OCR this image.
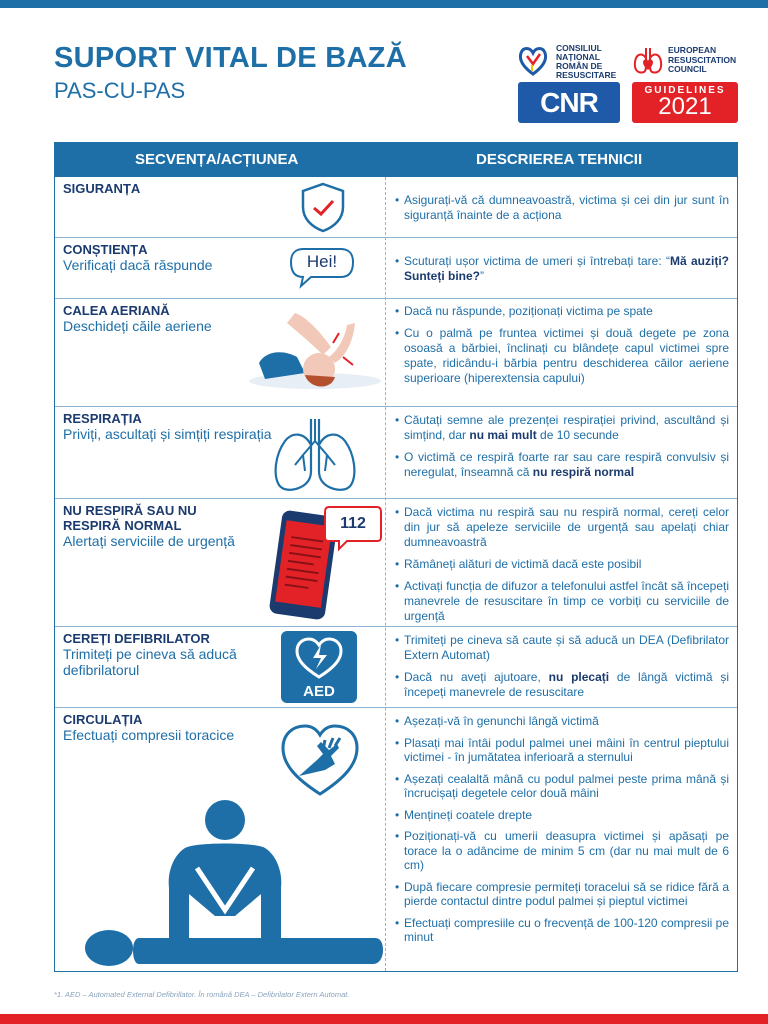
SUPORT VITAL DE BAZĂ
PAS-CU-PAS
CONSILIUL
NAȚIONAL
ROMÂN DE
RESUSCITARE
CNR
EUROPEAN
RESUSCITATION
COUNCIL
GUIDELINES
2021
SECVENȚA/ACȚIUNEA	DESCRIEREA TEHNICII
SIGURANȚA

• Asigurați-vă că dumneavoastră, victima și cei din jur sunt în siguranță înainte de a acționa

CONȘTIENȚA
Verificați dacă răspunde	Hei!

•	Scuturați ușor victima de umeri și întrebați tare: “Mă auziți? Sunteți bine?”

CALEA AERIANĂ
Deschideți căile aeriene

• Dacă nu răspunde, poziționați victima pe spate

• Cu o palmă pe fruntea victimei și două degete pe zona osoasă a bărbiei, înclinați cu blândețe capul victimei spre spate, ridicându-i bărbia pentru deschiderea căilor aeriene superioare (hiperextensia capului)

RESPIRAȚIA
Priviți, ascultați și simțiți respirația

• Căutați semne ale prezenței respirației privind, ascultând și simțind, dar nu mai mult de 10 secunde

• O victimă ce respiră foarte rar sau care respiră convulsiv și neregulat, înseamnă că nu respiră normal

NU RESPIRĂ SAU NU RESPIRĂ NORMAL
Alertați serviciile de urgență
112

• Dacă victima nu respiră sau nu respiră normal, cereți celor din jur să apeleze serviciile de urgență sau apelați chiar dumneavoastră

• Rămâneți alături de victimă dacă este posibil

• Activați funcția de difuzor a telefonului astfel încât să începeți manevrele de resuscitare în timp ce vorbiți cu serviciile de urgență

CEREȚI DEFIBRILATOR
Trimiteți pe cineva să aducă defibrilatorul
AED

• Trimiteți pe cineva să caute și să aducă un DEA (Defibrilator Extern Automat)

• Dacă nu aveți ajutoare, nu plecați de lângă victimă și începeți manevrele de resuscitare

CIRCULAȚIA
Efectuați compresii toracice

• Așezați-vă în genunchi lângă victimă

• Plasați mai întâi podul palmei unei mâini în centrul pieptului victimei - în jumătatea inferioară a sternului

• Așezați cealaltă mână cu podul palmei peste prima mână și încrucișați degetele celor două mâini

• Mențineți coatele drepte

• Poziționați-vă cu umerii deasupra victimei și apăsați pe torace la o adâncime de minim 5 cm (dar nu mai mult de 6 cm)

• După fiecare compresie permiteți toracelui să se ridice fără a pierde contactul dintre podul palmei și pieptul victimei

• Efectuați compresiile cu o frecvență de 100-120 compresii pe minut

*1. AED – Automated External Defibrillator. În română DEA – Defibrilator Extern Automat.
